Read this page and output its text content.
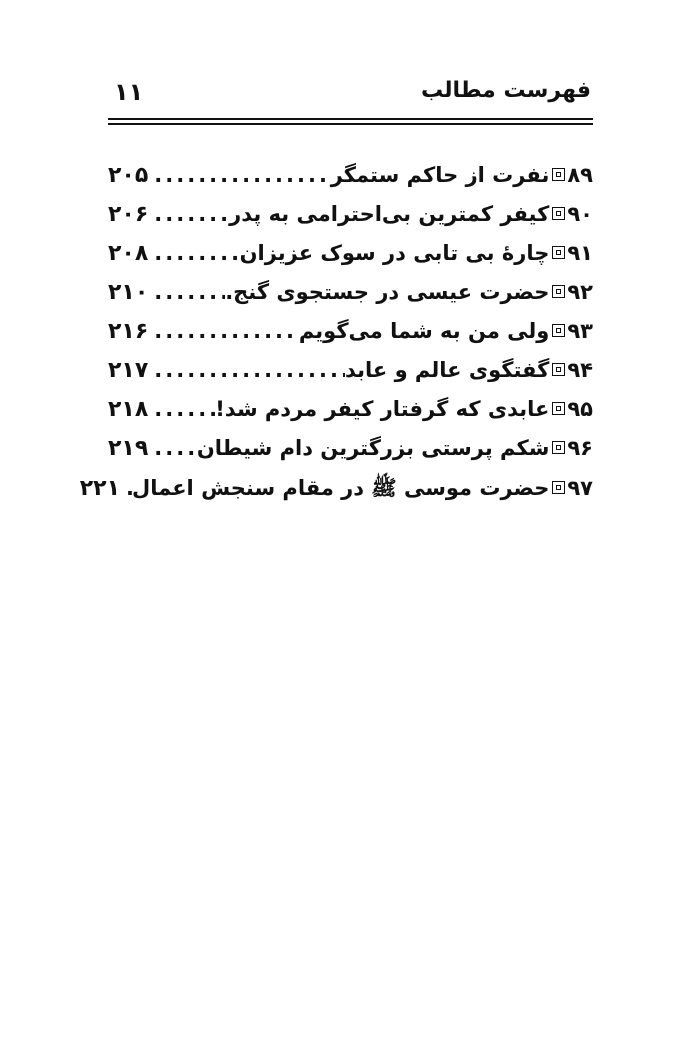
فهرست مطالب
۱۱
۸۹
نفرت از حاکم ستمگر
.....
۲۰۵
۹۰
کیفر کمترین بی‌احترامی به پدر
.....
۲۰۶
۹۱
چارهٔ بی تابی در سوک عزیزان
.....
۲۰۸
۹۲
حضرت عیسی در جستجوی گنج.
.....
۲۱۰
۹۳
ولی من به شما می‌گویم
.....
۲۱۶
۹۴
گفتگوی عالم و عابد
.....
۲۱۷
۹۵
عابدی که گرفتار کیفر مردم شد!
.....
۲۱۸
۹۶
شکم پرستی بزرگترین دام شیطان
.....
۲۱۹
۹۷
حضرت موسی ﷺ در مقام سنجش اعمال
.....
۲۲۱
